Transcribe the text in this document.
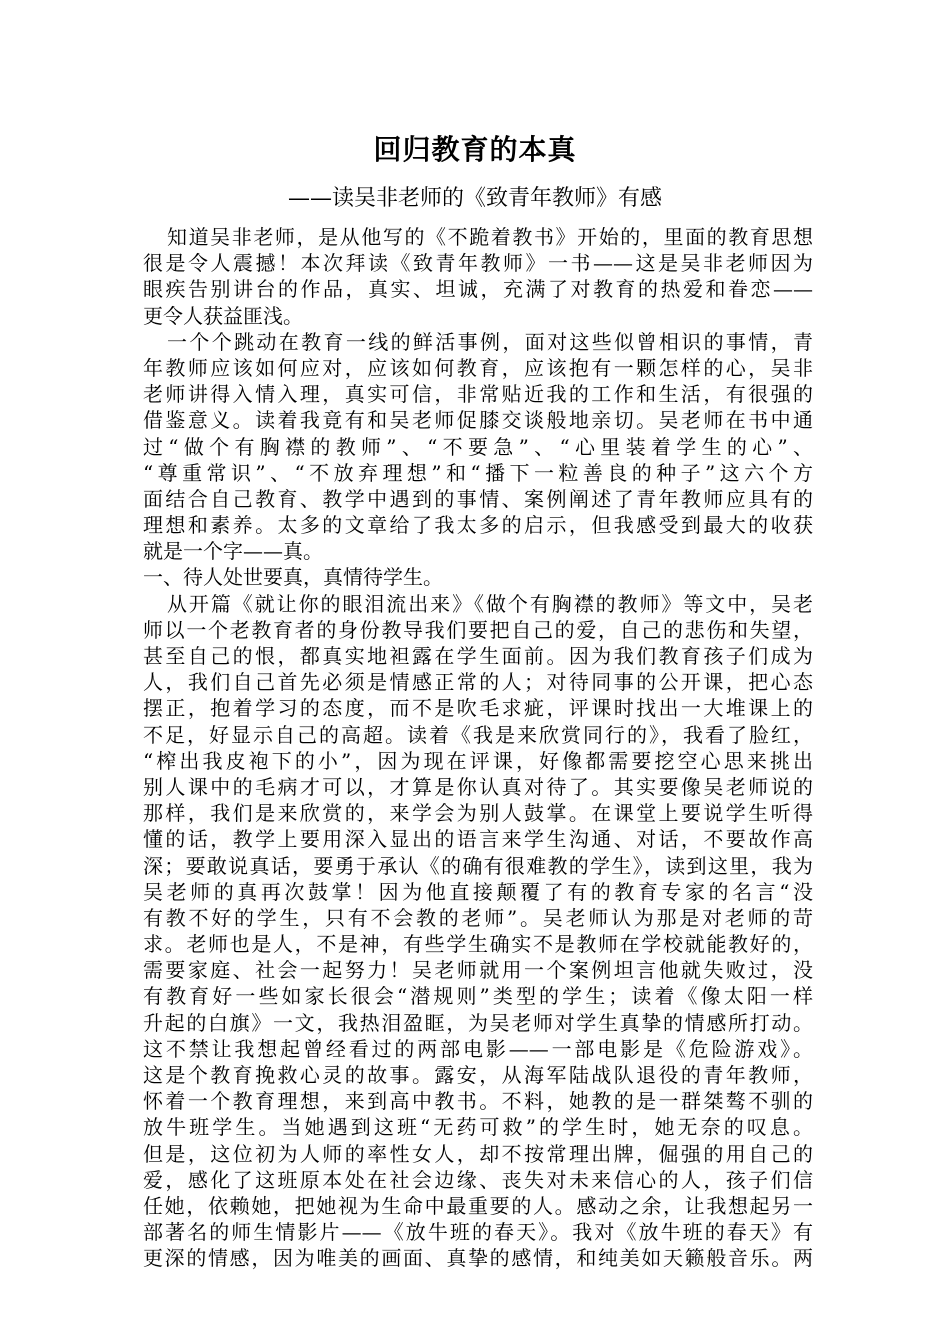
回归教育的本真
——读吴非老师的《致青年教师》有感
知道吴非老师，是从他写的《不跪着教书》开始的，里面的教育思想
很是令人震撼！本次拜读《致青年教师》一书——这是吴非老师因为
眼疾告别讲台的作品，真实、坦诚，充满了对教育的热爱和眷恋——
更令人获益匪浅。
一个个跳动在教育一线的鲜活事例，面对这些似曾相识的事情，青
年教师应该如何应对，应该如何教育，应该抱有一颗怎样的心，吴非
老师讲得入情入理，真实可信，非常贴近我的工作和生活，有很强的
借鉴意义。读着我竟有和吴老师促膝交谈般地亲切。吴老师在书中通
过“做个有胸襟的教师”、“不要急”、“心里装着学生的心”、
“尊重常识”、“不放弃理想”和“播下一粒善良的种子”这六个方
面结合自己教育、教学中遇到的事情、案例阐述了青年教师应具有的
理想和素养。太多的文章给了我太多的启示，但我感受到最大的收获
就是一个字——真。
一、待人处世要真，真情待学生。
从开篇《就让你的眼泪流出来》《做个有胸襟的教师》等文中，吴老
师以一个老教育者的身份教导我们要把自己的爱，自己的悲伤和失望，
甚至自己的恨，都真实地袒露在学生面前。因为我们教育孩子们成为
人，我们自己首先必须是情感正常的人；对待同事的公开课，把心态
摆正，抱着学习的态度，而不是吹毛求疵，评课时找出一大堆课上的
不足，好显示自己的高超。读着《我是来欣赏同行的》，我看了脸红，
“榨出我皮袍下的小”，因为现在评课，好像都需要挖空心思来挑出
别人课中的毛病才可以，才算是你认真对待了。其实要像吴老师说的
那样，我们是来欣赏的，来学会为别人鼓掌。在课堂上要说学生听得
懂的话，教学上要用深入显出的语言来学生沟通、对话，不要故作高
深；要敢说真话，要勇于承认《的确有很难教的学生》，读到这里，我为
吴老师的真再次鼓掌！因为他直接颠覆了有的教育专家的名言“没
有教不好的学生，只有不会教的老师”。吴老师认为那是对老师的苛
求。老师也是人，不是神，有些学生确实不是教师在学校就能教好的，
需要家庭、社会一起努力！吴老师就用一个案例坦言他就失败过，没
有教育好一些如家长很会“潜规则”类型的学生；读着《像太阳一样
升起的白旗》一文，我热泪盈眶，为吴老师对学生真挚的情感所打动。
这不禁让我想起曾经看过的两部电影——一部电影是《危险游戏》。
这是个教育挽救心灵的故事。露安，从海军陆战队退役的青年教师，
怀着一个教育理想，来到高中教书。不料，她教的是一群桀骜不驯的
放牛班学生。当她遇到这班“无药可救”的学生时，她无奈的叹息。
但是，这位初为人师的率性女人，却不按常理出牌，倔强的用自己的
爱，感化了这班原本处在社会边缘、丧失对未来信心的人，孩子们信
任她，依赖她，把她视为生命中最重要的人。感动之余，让我想起另一
部著名的师生情影片——《放牛班的春天》。我对《放牛班的春天》有
更深的情感，因为唯美的画面、真挚的感情，和纯美如天籁般音乐。两
